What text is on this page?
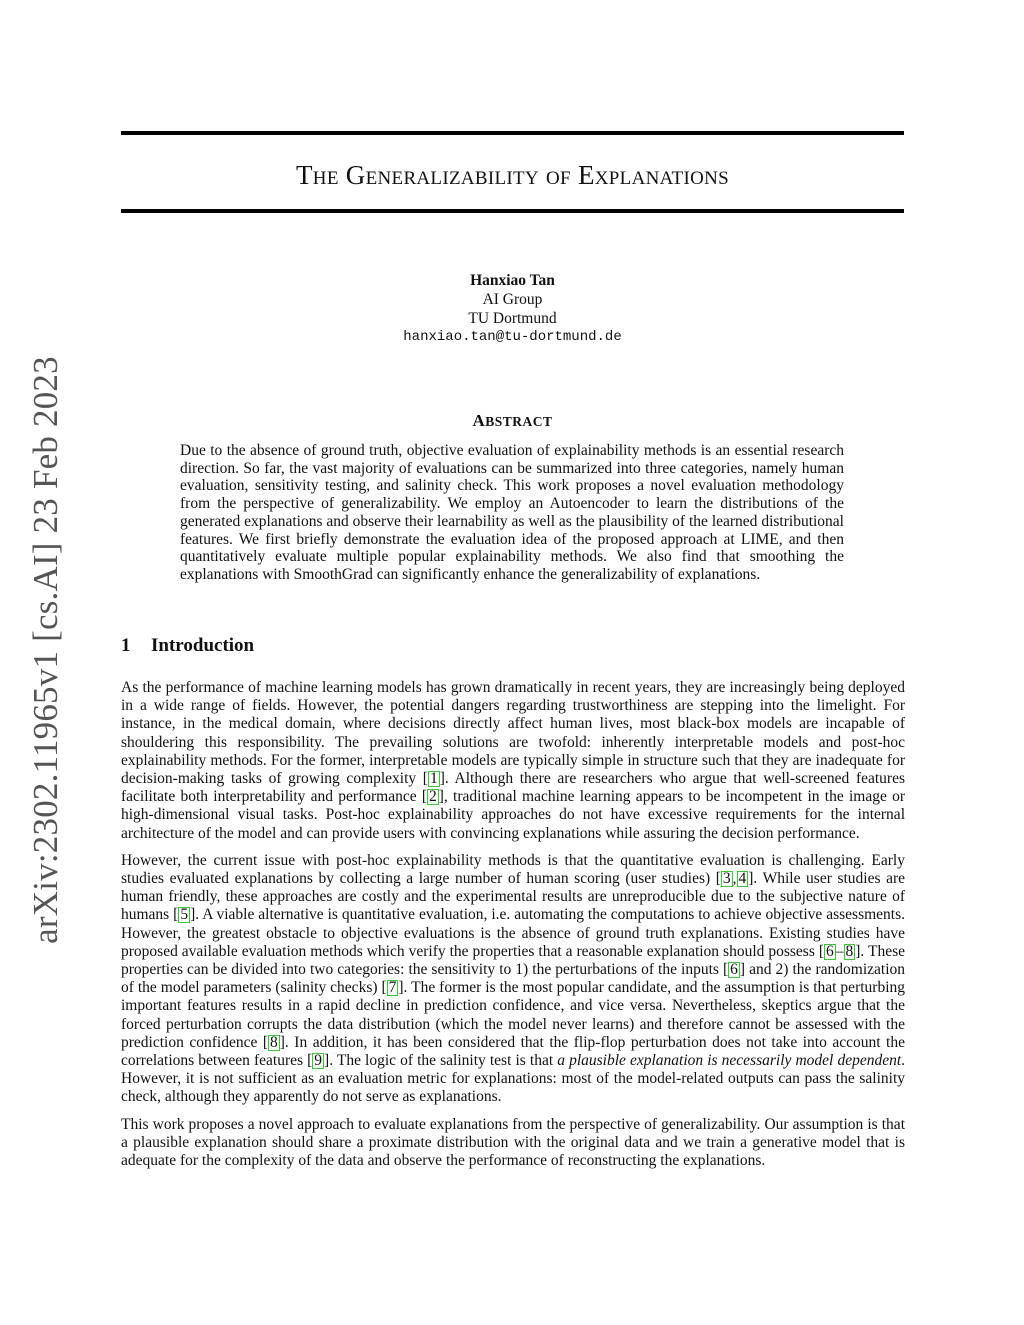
arXiv:2302.11965v1 [cs.AI] 23 Feb 2023
THE GENERALIZABILITY OF EXPLANATIONS
Hanxiao Tan
AI Group
TU Dortmund
hanxiao.tan@tu-dortmund.de
ABSTRACT

Due to the absence of ground truth, objective evaluation of explainability methods is an essential research direction. So far, the vast majority of evaluations can be summarized into three categories, namely human evaluation, sensitivity testing, and salinity check. This work proposes a novel evaluation methodology from the perspective of generalizability. We employ an Autoencoder to learn the distributions of the generated explanations and observe their learnability as well as the plausibility of the learned distributional features. We first briefly demonstrate the evaluation idea of the proposed approach at LIME, and then quantitatively evaluate multiple popular explainability methods. We also find that smoothing the explanations with SmoothGrad can significantly enhance the generalizability of explanations.

1 Introduction

As the performance of machine learning models has grown dramatically in recent years, they are increasingly being deployed in a wide range of fields. However, the potential dangers regarding trustworthiness are stepping into the limelight. For instance, in the medical domain, where decisions directly affect human lives, most black-box models are incapable of shouldering this responsibility. The prevailing solutions are twofold: inherently interpretable models and post-hoc explainability methods. For the former, interpretable models are typically simple in structure such that they are inadequate for decision-making tasks of growing complexity [ 1 ]. Although there are researchers who argue that well-screened features facilitate both interpretability and performance [ 2 ], traditional machine learning appears to be incompetent in the image or high-dimensional visual tasks. Post-hoc explainability approaches do not have excessive requirements for the internal architecture of the model and can provide users with convincing explanations while assuring the decision performance.

However, the current issue with post-hoc explainability methods is that the quantitative evaluation is challenging. Early studies evaluated explanations by collecting a large number of human scoring (user studies) [ 3 , 4 ]. While user studies are human friendly, these approaches are costly and the experimental results are unreproducible due to the subjective nature of humans [ 5 ]. A viable alternative is quantitative evaluation, i.e. automating the computations to achieve objective assessments. However, the greatest obstacle to objective evaluations is the absence of ground truth explanations. Existing studies have proposed available evaluation methods which verify the properties that a reasonable explanation should possess [ 6 – 8 ]. These properties can be divided into two categories: the sensitivity to 1) the perturbations of the inputs [ 6 ] and 2) the randomization of the model parameters (salinity checks) [ 7 ]. The former is the most popular candidate, and the assumption is that perturbing important features results in a rapid decline in prediction confidence, and vice versa. Nevertheless, skeptics argue that the forced perturbation corrupts the data distribution (which the model never learns) and therefore cannot be assessed with the prediction confidence [ 8 ]. In addition, it has been considered that the flip-flop perturbation does not take into account the correlations between features [ 9 ]. The logic of the salinity test is that a plausible explanation is necessarily model dependent. However, it is not sufficient as an evaluation metric for explanations: most of the model-related outputs can pass the salinity check, although they apparently do not serve as explanations.

This work proposes a novel approach to evaluate explanations from the perspective of generalizability. Our assumption is that a plausible explanation should share a proximate distribution with the original data and we train a generative model that is adequate for the complexity of the data and observe the performance of reconstructing the explanations.
